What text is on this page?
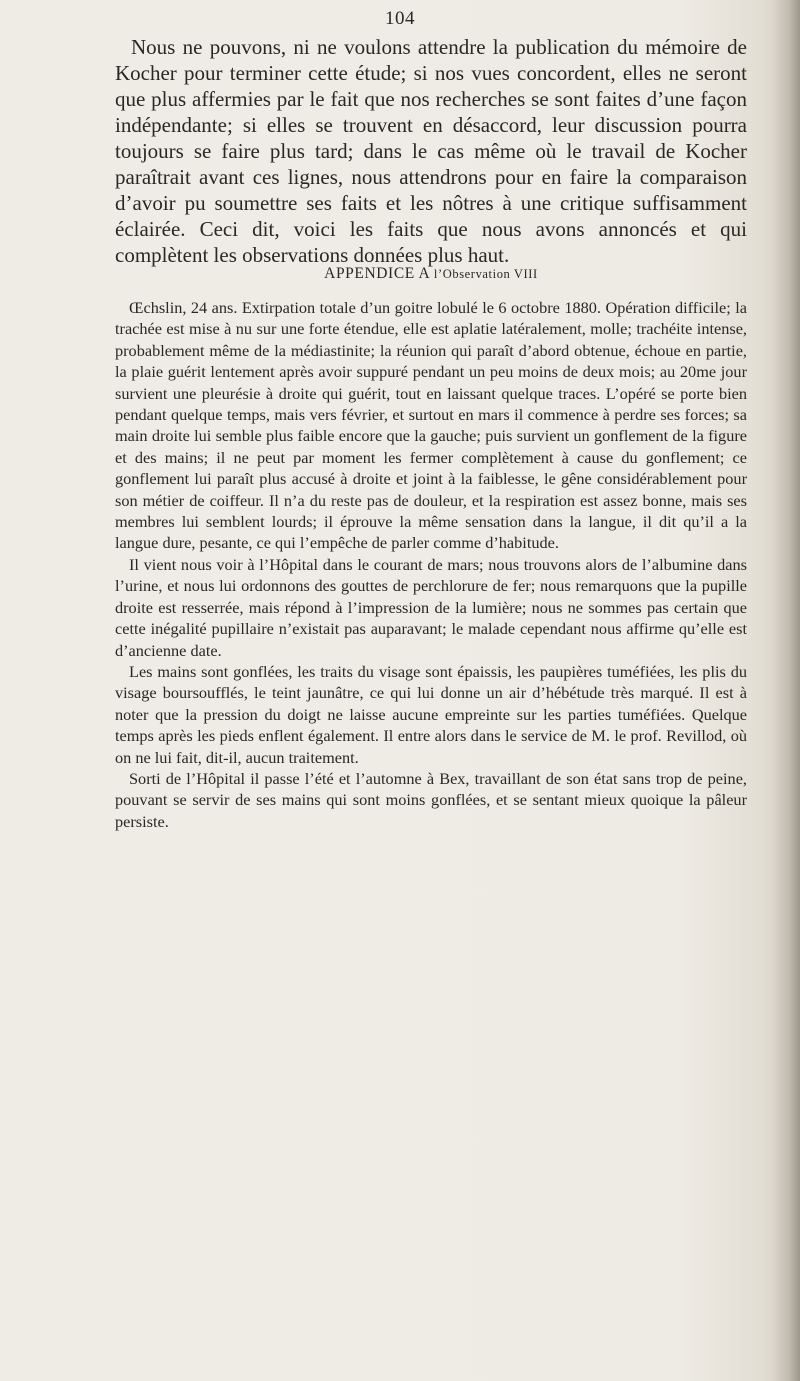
104

Nous ne pouvons, ni ne voulons attendre la publication du mémoire de Kocher pour terminer cette étude; si nos vues concordent, elles ne seront que plus affermies par le fait que nos recherches se sont faites d’une façon indépendante; si elles se trouvent en désaccord, leur discussion pourra toujours se faire plus tard; dans le cas même où le travail de Kocher paraîtrait avant ces lignes, nous attendrons pour en faire la comparaison d’avoir pu soumettre ses faits et les nôtres à une critique suffisamment éclairée. Ceci dit, voici les faits que nous avons annoncés et qui complètent les observations données plus haut.

APPENDICE A l’Observation VIII

Œchslin, 24 ans. Extirpation totale d’un goitre lobulé le 6 octobre 1880. Opération difficile; la trachée est mise à nu sur une forte étendue, elle est aplatie latéralement, molle; trachéite intense, probablement même de la médiastinite; la réunion qui paraît d’abord obtenue, échoue en partie, la plaie guérit lentement après avoir suppuré pendant un peu moins de deux mois; au 20me jour survient une pleurésie à droite qui guérit, tout en laissant quelque traces. L’opéré se porte bien pendant quelque temps, mais vers février, et surtout en mars il commence à perdre ses forces; sa main droite lui semble plus faible encore que la gauche; puis survient un gonflement de la figure et des mains; il ne peut par moment les fermer complètement à cause du gonflement; ce gonflement lui paraît plus accusé à droite et joint à la faiblesse, le gêne considérablement pour son métier de coiffeur. Il n’a du reste pas de douleur, et la respiration est assez bonne, mais ses membres lui semblent lourds; il éprouve la même sensation dans la langue, il dit qu’il a la langue dure, pesante, ce qui l’empêche de parler comme d’habitude.

Il vient nous voir à l’Hôpital dans le courant de mars; nous trouvons alors de l’albumine dans l’urine, et nous lui ordonnons des gouttes de perchlorure de fer; nous remarquons que la pupille droite est resserrée, mais répond à l’impression de la lumière; nous ne sommes pas certain que cette inégalité pupillaire n’existait pas auparavant; le malade cependant nous affirme qu’elle est d’ancienne date.

Les mains sont gonflées, les traits du visage sont épaissis, les paupières tuméfiées, les plis du visage boursoufflés, le teint jaunâtre, ce qui lui donne un air d’hébétude très marqué. Il est à noter que la pression du doigt ne laisse aucune empreinte sur les parties tuméfiées. Quelque temps après les pieds enflent également. Il entre alors dans le service de M. le prof. Revillod, où on ne lui fait, dit-il, aucun traitement.

Sorti de l’Hôpital il passe l’été et l’automne à Bex, travaillant de son état sans trop de peine, pouvant se servir de ses mains qui sont moins gonflées, et se sentant mieux quoique la pâleur persiste.
